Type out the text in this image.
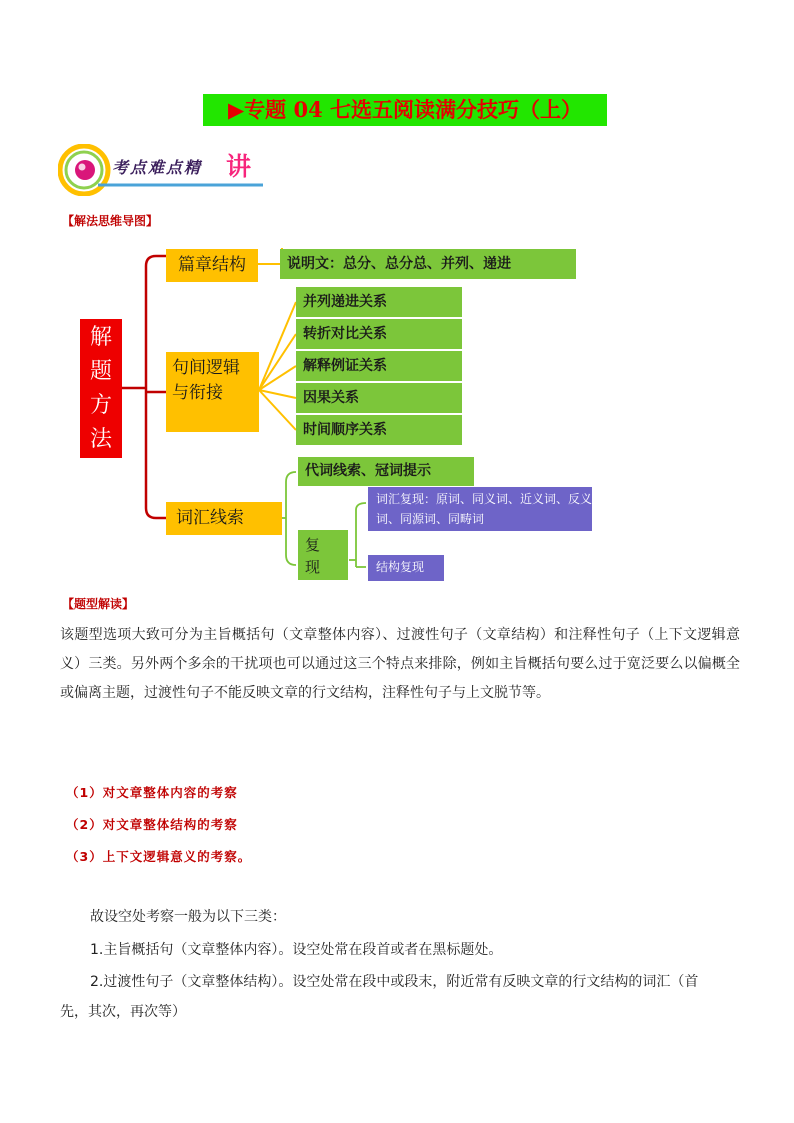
▶专题 04 七选五阅读满分技巧（上）
考点难点精 讲
【解法思维导图】
解题方法
篇章结构
句间逻辑与衔接
词汇线索
说明文：总分、总分总、并列、递进
并列递进关系
转折对比关系
解释例证关系
因果关系
时间顺序关系
代词线索、冠词提示
复现
词汇复现：原词、同义词、近义词、反义词、同源词、同畴词
结构复现
【题型解读】
该题型选项大致可分为主旨概括句（文章整体内容）、过渡性句子（文章结构）和注释性句子（上下文逻辑意义）三类。另外两个多余的干扰项也可以通过这三个特点来排除，例如主旨概括句要么过于宽泛要么以偏概全或偏离主题，过渡性句子不能反映文章的行文结构，注释性句子与上文脱节等。
（1）对文章整体内容的考察
（2）对文章整体结构的考察
（3）上下文逻辑意义的考察。
故设空处考察一般为以下三类：
1.主旨概括句（文章整体内容）。设空处常在段首或者在黑标题处。
2.过渡性句子（文章整体结构）。设空处常在段中或段末，附近常有反映文章的行文结构的词汇（首
先，其次，再次等）
